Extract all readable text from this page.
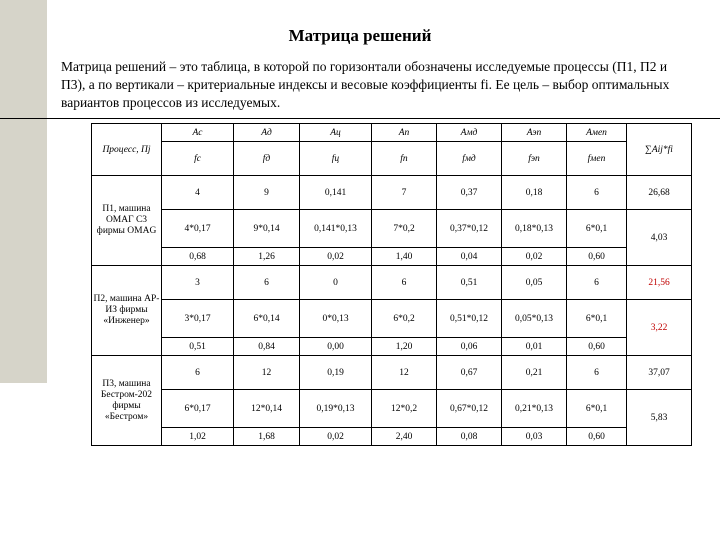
Матрица решений
Матрица решений – это таблица, в которой по горизонтали обозначены исследуемые процессы (П1, П2 и П3), а по вертикали – критериальные индексы и весовые коэффициенты fi. Ее цель – выбор оптимальных вариантов процессов из исследуемых.
Процесс, Пj	Ас	Ад	Ац	Ап	Амд	Аэп	Амеп	∑Aij*fi
	fс	fд	fц	fп	fмд	fэп	fмеп	
П1, машина ОМАГ С3 фирмы OMAG	4	9	0,141	7	0,37	0,18	6	26,68
	4*0,17	9*0,14	0,141*0,13	7*0,2	0,37*0,12	0,18*0,13	6*0,1	4,03
	0,68	1,26	0,02	1,40	0,04	0,02	0,60	
П2, машина АР-ИЗ фирмы «Инженер»	3	6	0	6	0,51	0,05	6	21,56
	3*0,17	6*0,14	0*0,13	6*0,2	0,51*0,12	0,05*0,13	6*0,1	3,22
	0,51	0,84	0,00	1,20	0,06	0,01	0,60	
П3, машина Бестром-202 фирмы «Бестром»	6	12	0,19	12	0,67	0,21	6	37,07
	6*0,17	12*0,14	0,19*0,13	12*0,2	0,67*0,12	0,21*0,13	6*0,1	5,83
	1,02	1,68	0,02	2,40	0,08	0,03	0,60	
